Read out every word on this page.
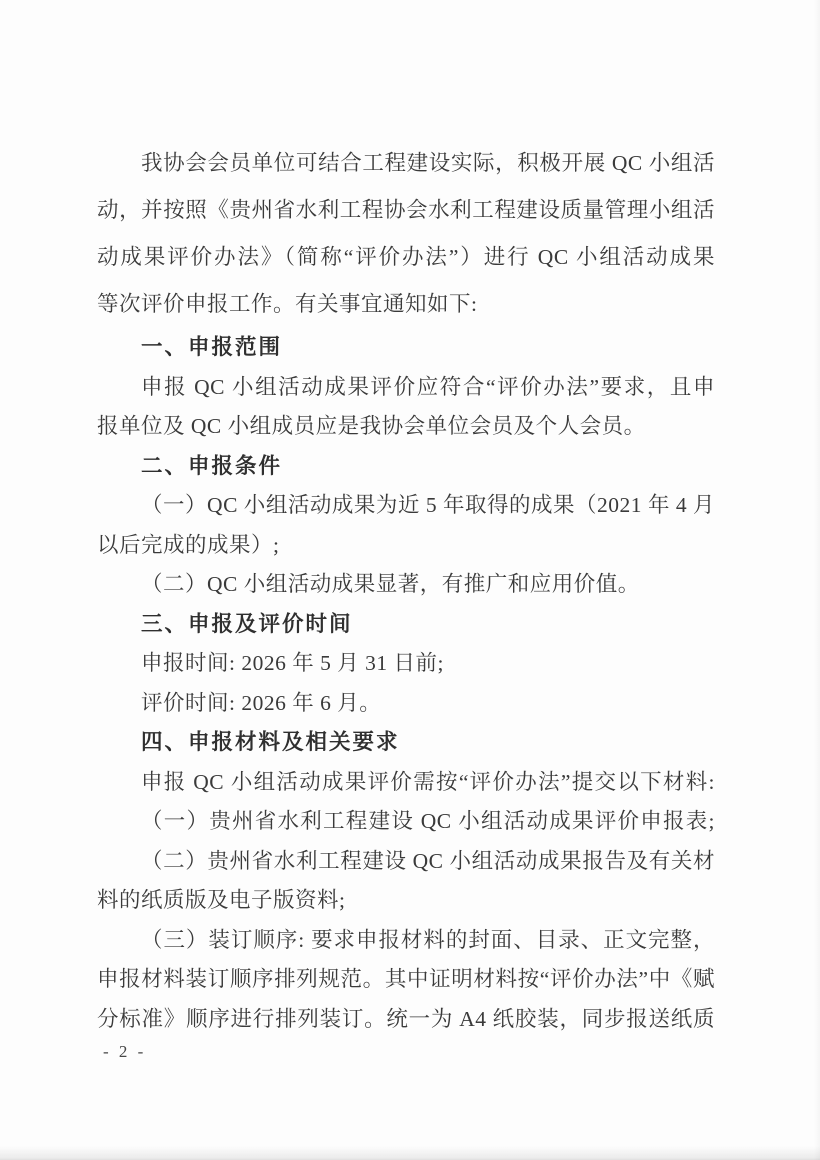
我协会会员单位可结合工程建设实际，积极开展 QC 小组活
动，并按照《贵州省水利工程协会水利工程建设质量管理小组活
动成果评价办法》（简称“评价办法”）进行 QC 小组活动成果
等次评价申报工作。有关事宜通知如下:
一、申报范围
申报 QC 小组活动成果评价应符合“评价办法”要求，且申
报单位及 QC 小组成员应是我协会单位会员及个人会员。
二、申报条件
（一）QC 小组活动成果为近 5 年取得的成果（2021 年 4 月
以后完成的成果）;
（二）QC 小组活动成果显著，有推广和应用价值。
三、申报及评价时间
申报时间: 2026 年 5 月 31 日前;
评价时间: 2026 年 6 月。
四、申报材料及相关要求
申报 QC 小组活动成果评价需按“评价办法”提交以下材料:
（一）贵州省水利工程建设 QC 小组活动成果评价申报表;
（二）贵州省水利工程建设 QC 小组活动成果报告及有关材
料的纸质版及电子版资料;
（三）装订顺序: 要求申报材料的封面、目录、正文完整，
申报材料装订顺序排列规范。其中证明材料按“评价办法”中《赋
分标准》顺序进行排列装订。统一为 A4 纸胶装，同步报送纸质
- 2 -
